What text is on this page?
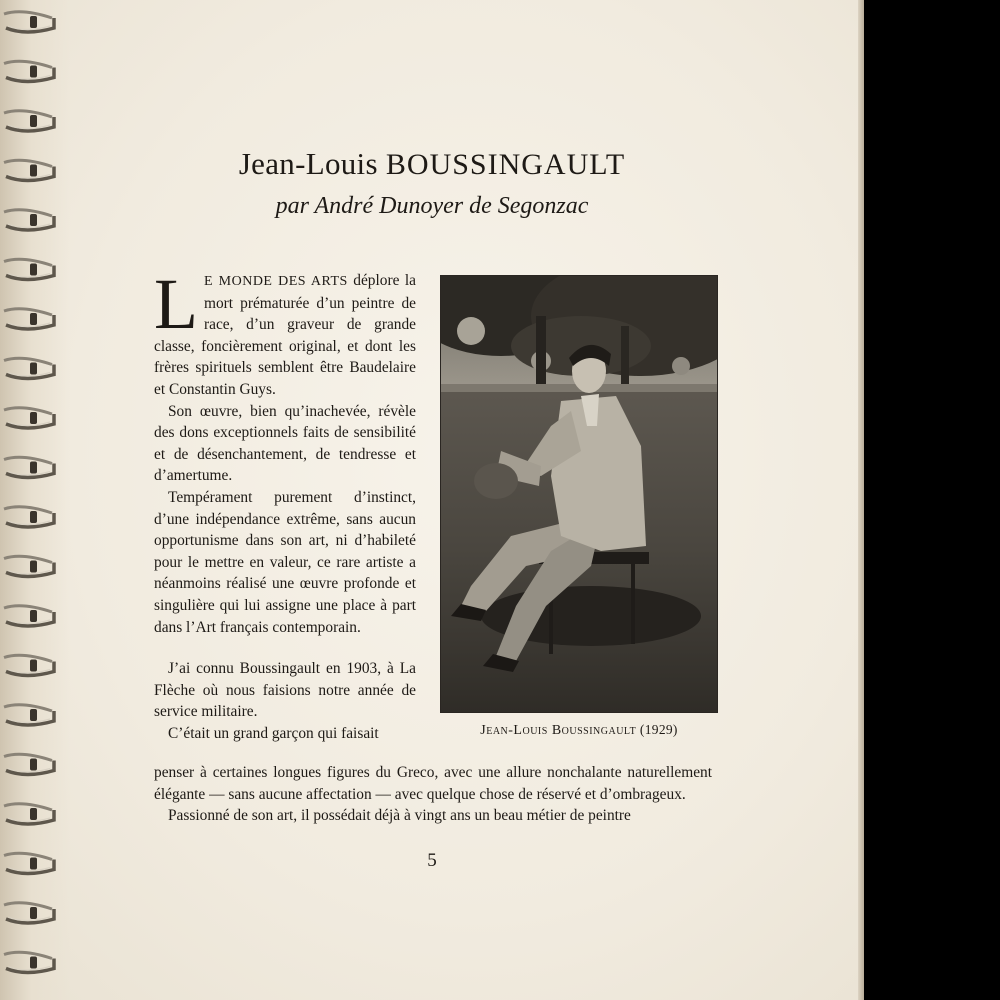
Jean-Louis BOUSSINGAULT
par André Dunoyer de Segonzac

L E MONDE DES ARTS déplore la mort prématurée d’un peintre de race, d’un graveur de grande classe, foncièrement original, et dont les frères spirituels semblent être Baudelaire et Constantin Guys.

Son œuvre, bien qu’inachevée, révèle des dons exceptionnels faits de sensibilité et de désenchantement, de tendresse et d’amertume.

Tempérament purement d’instinct, d’une indépendance extrême, sans aucun opportunisme dans son art, ni d’habileté pour le mettre en valeur, ce rare artiste a néanmoins réalisé une œuvre profonde et singulière qui lui assigne une place à part dans l’Art français contemporain.

J’ai connu Boussingault en 1903, à La Flèche où nous faisions notre année de service militaire.

C’était un grand garçon qui faisait

penser à certaines longues figures du Greco, avec une allure nonchalante naturellement élégante — sans aucune affectation — avec quelque chose de réservé et d’ombrageux.

Passionné de son art, il possédait déjà à vingt ans un beau métier de peintre

Jean-Louis Boussingault (1929)
5
